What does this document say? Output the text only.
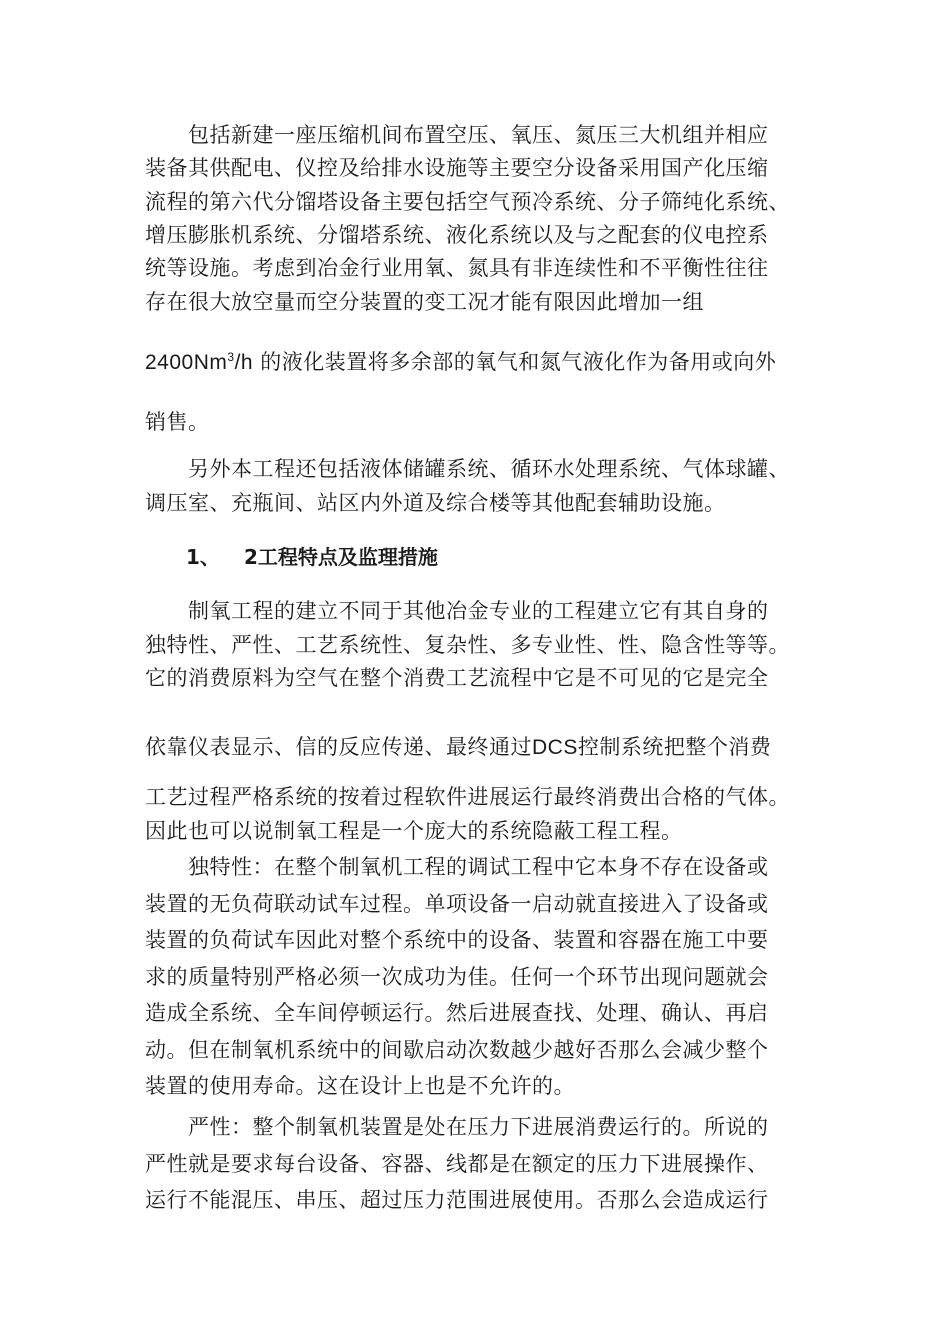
包括新建一座压缩机间布置空压、氧压、氮压三大机组并相应
装备其供配电、仪控及给排水设施等主要空分设备采用国产化压缩
流程的第六代分馏塔设备主要包括空气预冷系统、分子筛纯化系统、
增压膨胀机系统、分馏塔系统、液化系统以及与之配套的仪电控系
统等设施。考虑到冶金行业用氧、氮具有非连续性和不平衡性往往
存在很大放空量而空分装置的变工况才能有限因此增加一组
2400Nm$^3$/h 的液化装置将多余部的氧气和氮气液化作为备用或向外
销售。
另外本工程还包括液体储罐系统、循环水处理系统、气体球罐、
调压室、充瓶间、站区内外道及综合楼等其他配套辅助设施。
1、 2工程特点及监理措施
制氧工程的建立不同于其他冶金专业的工程建立它有其自身的
独特性、严性、工艺系统性、复杂性、多专业性、性、隐含性等等。
它的消费原料为空气在整个消费工艺流程中它是不可见的它是完全
依靠仪表显示、信的反应传递、最终通过DCS控制系统把整个消费
工艺过程严格系统的按着过程软件进展运行最终消费出合格的气体。
因此也可以说制氧工程是一个庞大的系统隐蔽工程工程。
独特性：在整个制氧机工程的调试工程中它本身不存在设备或
装置的无负荷联动试车过程。单项设备一启动就直接进入了设备或
装置的负荷试车因此对整个系统中的设备、装置和容器在施工中要
求的质量特别严格必须一次成功为佳。任何一个环节出现问题就会
造成全系统、全车间停顿运行。然后进展查找、处理、确认、再启
动。但在制氧机系统中的间歇启动次数越少越好否那么会减少整个
装置的使用寿命。这在设计上也是不允许的。
严性：整个制氧机装置是处在压力下进展消费运行的。所说的
严性就是要求每台设备、容器、线都是在额定的压力下进展操作、
运行不能混压、串压、超过压力范围进展使用。否那么会造成运行
